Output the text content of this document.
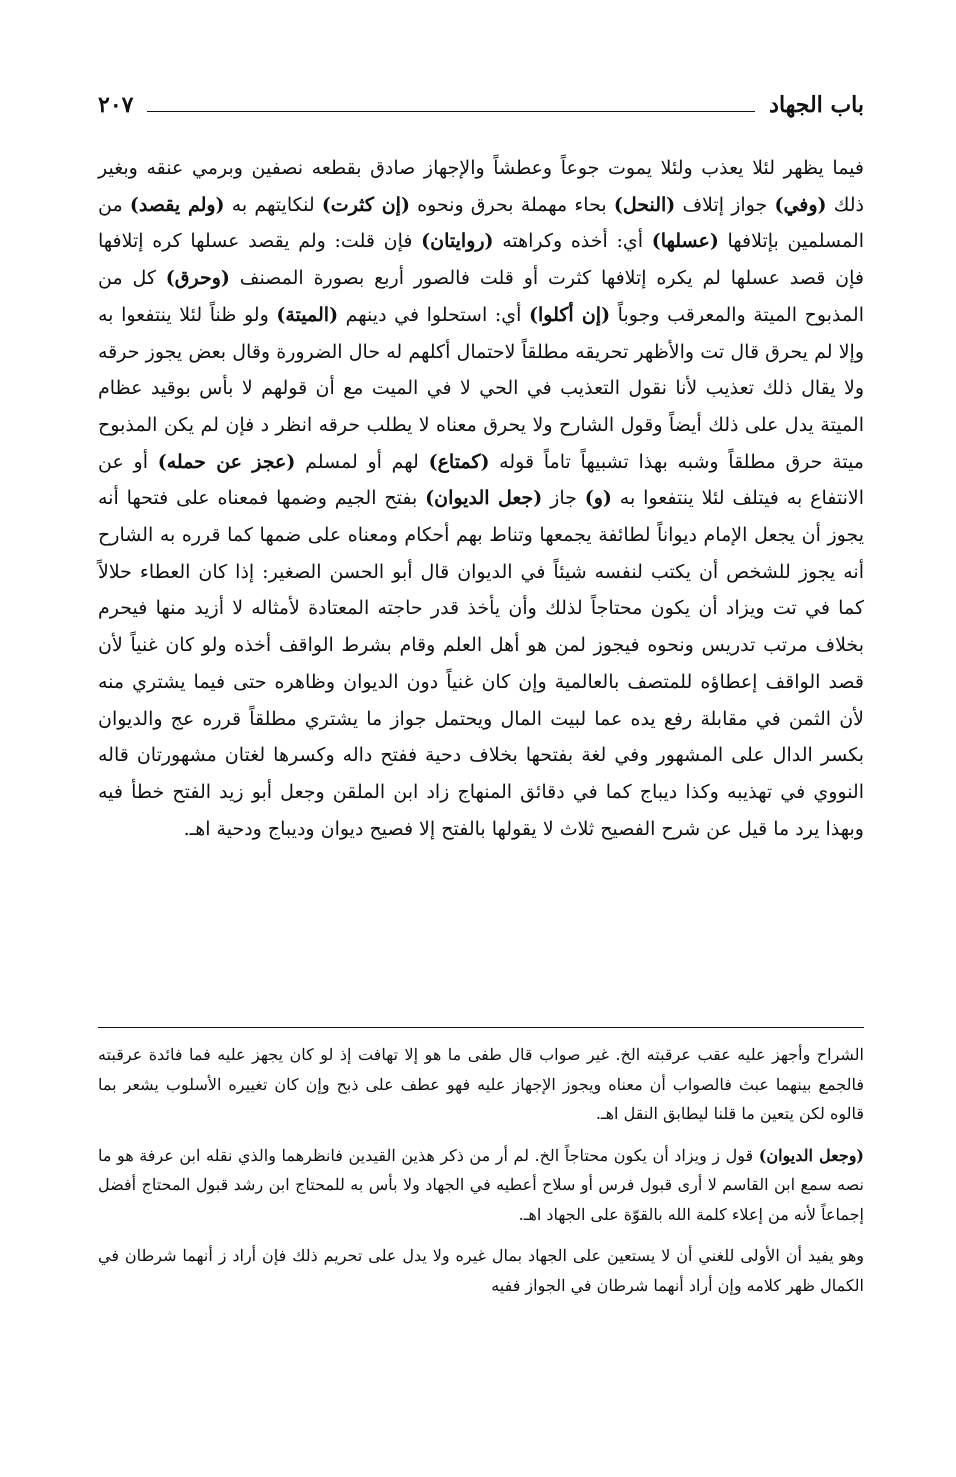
باب الجهاد
٢٠٧

فيما يظهر لئلا يعذب ولئلا يموت جوعاً وعطشاً والإجهاز صادق بقطعه نصفين وبرمي عنقه وبغير ذلك (وفي) جواز إتلاف (النحل) بحاء مهملة بحرق ونحوه (إن كثرت) لنكايتهم به (ولم يقصد) من المسلمين بإتلافها (عسلها) أي: أخذه وكراهته (روايتان) فإن قلت: ولم يقصد عسلها كره إتلافها فإن قصد عسلها لم يكره إتلافها كثرت أو قلت فالصور أربع بصورة المصنف (وحرق) كل من المذبوح الميتة والمعرقب وجوباً (إن أكلوا) أي: استحلوا في دينهم (الميتة) ولو ظناً لئلا ينتفعوا به وإلا لم يحرق قال تت والأظهر تحريقه مطلقاً لاحتمال أكلهم له حال الضرورة وقال بعض يجوز حرقه ولا يقال ذلك تعذيب لأنا نقول التعذيب في الحي لا في الميت مع أن قولهم لا بأس بوقيد عظام الميتة يدل على ذلك أيضاً وقول الشارح ولا يحرق معناه لا يطلب حرقه انظر د فإن لم يكن المذبوح ميتة حرق مطلقاً وشبه بهذا تشبيهاً تاماً قوله (كمتاع) لهم أو لمسلم (عجز عن حمله) أو عن الانتفاع به فيتلف لئلا ينتفعوا به (و) جاز (جعل الديوان) بفتح الجيم وضمها فمعناه على فتحها أنه يجوز أن يجعل الإمام ديواناً لطائفة يجمعها وتناط بهم أحكام ومعناه على ضمها كما قرره به الشارح أنه يجوز للشخص أن يكتب لنفسه شيئاً في الديوان قال أبو الحسن الصغير: إذا كان العطاء حلالاً كما في تت ويزاد أن يكون محتاجاً لذلك وأن يأخذ قدر حاجته المعتادة لأمثاله لا أزيد منها فيحرم بخلاف مرتب تدريس ونحوه فيجوز لمن هو أهل العلم وقام بشرط الواقف أخذه ولو كان غنياً لأن قصد الواقف إعطاؤه للمتصف بالعالمية وإن كان غنياً دون الديوان وظاهره حتى فيما يشتري منه لأن الثمن في مقابلة رفع يده عما لبيت المال ويحتمل جواز ما يشتري مطلقاً قرره عج والديوان بكسر الدال على المشهور وفي لغة بفتحها بخلاف دحية ففتح داله وكسرها لغتان مشهورتان قاله النووي في تهذيبه وكذا ديباج كما في دقائق المنهاج زاد ابن الملقن وجعل أبو زيد الفتح خطأ فيه وبهذا يرد ما قيل عن شرح الفصيح ثلاث لا يقولها بالفتح إلا فصيح ديوان وديباج ودحية اهـ.

الشراح وأجهز عليه عقب عرقبته الخ. غير صواب قال طفى ما هو إلا تهافت إذ لو كان يجهز عليه فما فائدة عرقبته فالجمع بينهما عبث فالصواب أن معناه ويجوز الإجهاز عليه فهو عطف على ذبح وإن كان تغييره الأسلوب يشعر بما قالوه لكن يتعين ما قلنا ليطابق النقل اهـ.

(وجعل الديوان) قول ز ويزاد أن يكون محتاجاً الخ. لم أر من ذكر هذين القيدين فانظرهما والذي نقله ابن عرفة هو ما نصه سمع ابن القاسم لا أرى قبول فرس أو سلاح أعطيه في الجهاد ولا بأس به للمحتاج ابن رشد قبول المحتاج أفضل إجماعاً لأنه من إعلاء كلمة الله بالقوّة على الجهاد اهـ.

وهو يفيد أن الأولى للغني أن لا يستعين على الجهاد بمال غيره ولا يدل على تحريم ذلك فإن أراد ز أنهما شرطان في الكمال ظهر كلامه وإن أراد أنهما شرطان في الجواز ففيه
